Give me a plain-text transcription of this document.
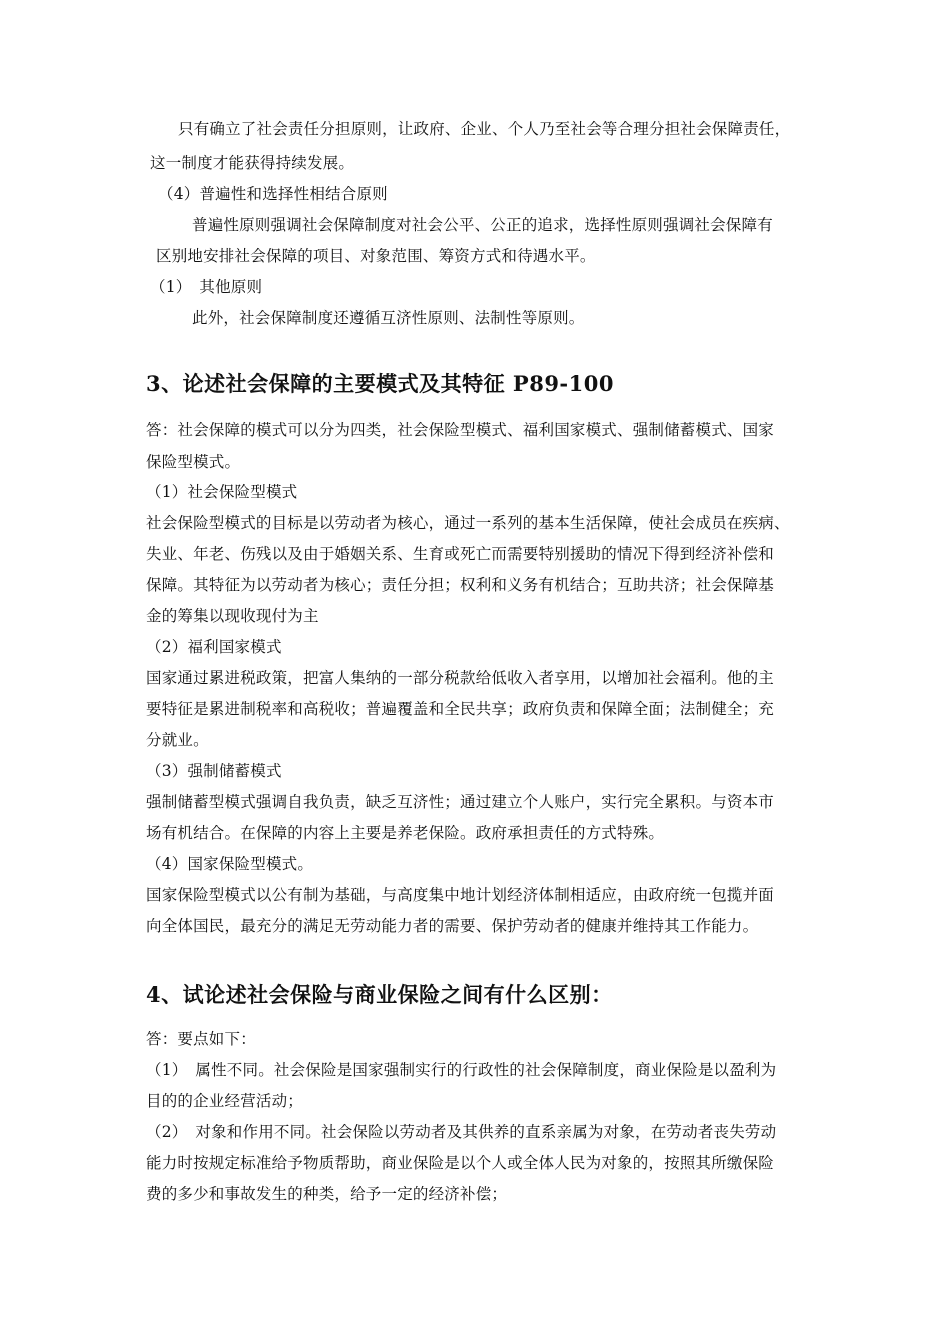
只有确立了社会责任分担原则，让政府、企业、个人乃至社会等合理分担社会保障责任，
这一制度才能获得持续发展。
（4）普遍性和选择性相结合原则
普遍性原则强调社会保障制度对社会公平、公正的追求，选择性原则强调社会保障有
区别地安排社会保障的项目、对象范围、筹资方式和待遇水平。
（1）　其他原则
此外，社会保障制度还遵循互济性原则、法制性等原则。
3、论述社会保障的主要模式及其特征 P89-100
答：社会保障的模式可以分为四类，社会保险型模式、福利国家模式、强制储蓄模式、国家
保险型模式。
（1）社会保险型模式
社会保险型模式的目标是以劳动者为核心，通过一系列的基本生活保障，使社会成员在疾病、
失业、年老、伤残以及由于婚姻关系、生育或死亡而需要特别援助的情况下得到经济补偿和
保障。其特征为以劳动者为核心；责任分担；权利和义务有机结合；互助共济；社会保障基
金的筹集以现收现付为主
（2）福利国家模式
国家通过累进税政策，把富人集纳的一部分税款给低收入者享用，以增加社会福利。他的主
要特征是累进制税率和高税收；普遍覆盖和全民共享；政府负责和保障全面；法制健全；充
分就业。
（3）强制储蓄模式
强制储蓄型模式强调自我负责，缺乏互济性；通过建立个人账户，实行完全累积。与资本市
场有机结合。在保障的内容上主要是养老保险。政府承担责任的方式特殊。
（4）国家保险型模式。
国家保险型模式以公有制为基础，与高度集中地计划经济体制相适应，由政府统一包揽并面
向全体国民，最充分的满足无劳动能力者的需要、保护劳动者的健康并维持其工作能力。
4、试论述社会保险与商业保险之间有什么区别：
答：要点如下：
（1）　属性不同。社会保险是国家强制实行的行政性的社会保障制度，商业保险是以盈利为
目的的企业经营活动；
（2）　对象和作用不同。社会保险以劳动者及其供养的直系亲属为对象，在劳动者丧失劳动
能力时按规定标准给予物质帮助，商业保险是以个人或全体人民为对象的，按照其所缴保险
费的多少和事故发生的种类，给予一定的经济补偿；
